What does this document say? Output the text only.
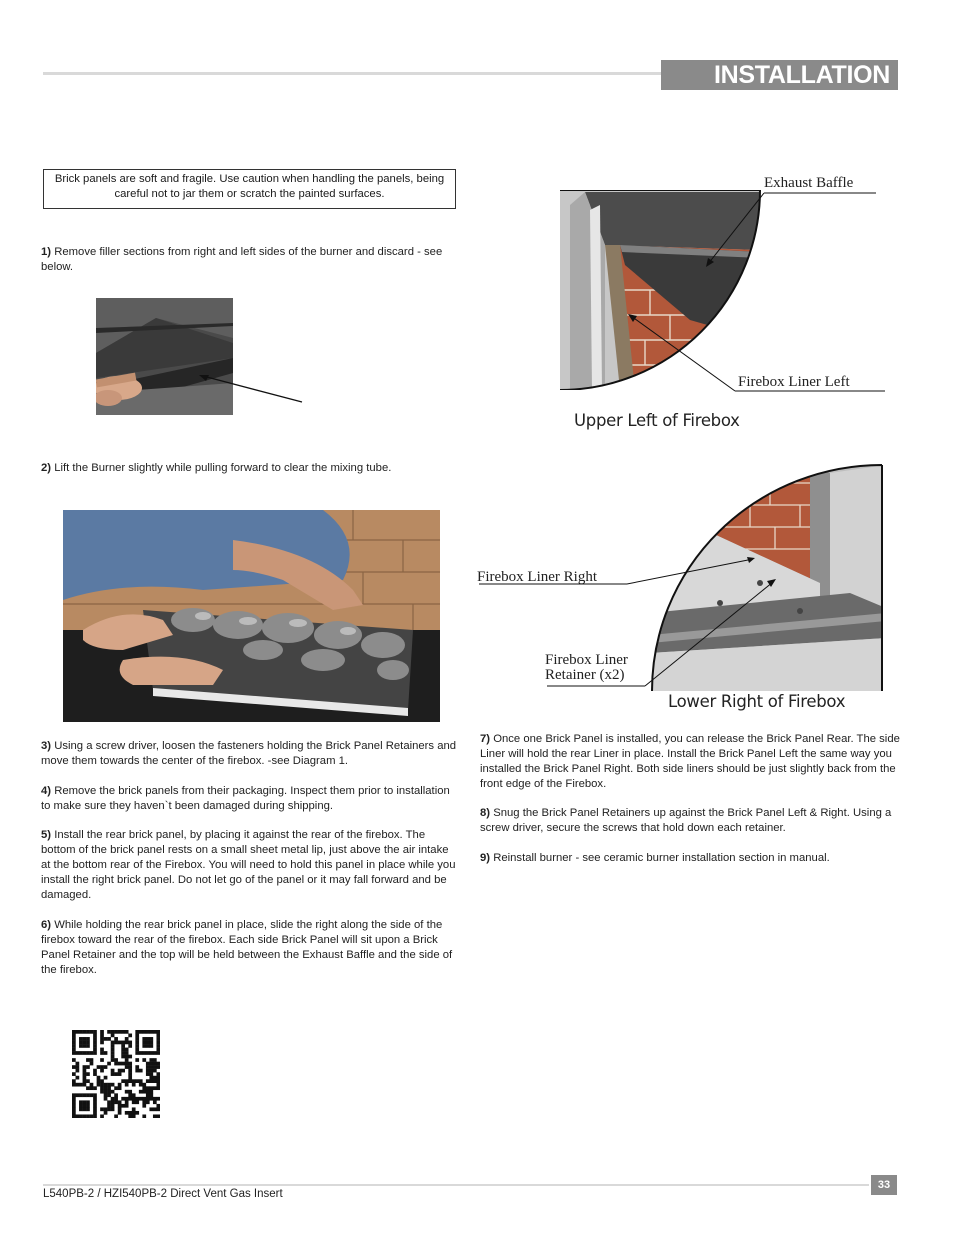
INSTALLATION
Brick panels are soft and fragile. Use caution when handling the panels, being careful not to jar them or scratch the painted surfaces.
1) Remove filler sections from right and left sides of the burner and discard - see below.
2) Lift the Burner slightly while pulling forward to clear the mixing tube.
3) Using a screw driver, loosen the fasteners holding the Brick Panel Retainers and move them towards the center of the firebox. -see Diagram 1.
4) Remove the brick panels from their packaging. Inspect them prior to installation to make sure they haven`t been damaged during shipping.
5) Install the rear brick panel, by placing it against the rear of the firebox. The bottom of the brick panel rests on a small sheet metal lip, just above the air intake at the bottom rear of the Firebox. You will need to hold this panel in place while you install the right brick panel. Do not let go of the panel or it may fall forward and be damaged.
6) While holding the rear brick panel in place, slide the right along the side of the firebox toward the rear of the firebox. Each side Brick Panel will sit upon a Brick Panel Retainer and the top will be held between the Exhaust Baffle and the side of the firebox.
Exhaust Baffle
Firebox Liner Left
Upper Left of Firebox
Firebox Liner Right
Firebox Liner
Retainer (x2)
Lower Right of Firebox
7) Once one Brick Panel is installed, you can release the Brick Panel Rear. The side Liner will hold the rear Liner in place. Install the Brick Panel Left the same way you installed the Brick Panel Right. Both side liners should be just slightly back from the front edge of the Firebox.
8) Snug the Brick Panel Retainers up against the Brick Panel Left & Right. Using a screw driver, secure the screws that hold down each retainer.
9) Reinstall burner - see ceramic burner installation section in manual.
L540PB-2 / HZI540PB-2 Direct Vent Gas Insert
33
